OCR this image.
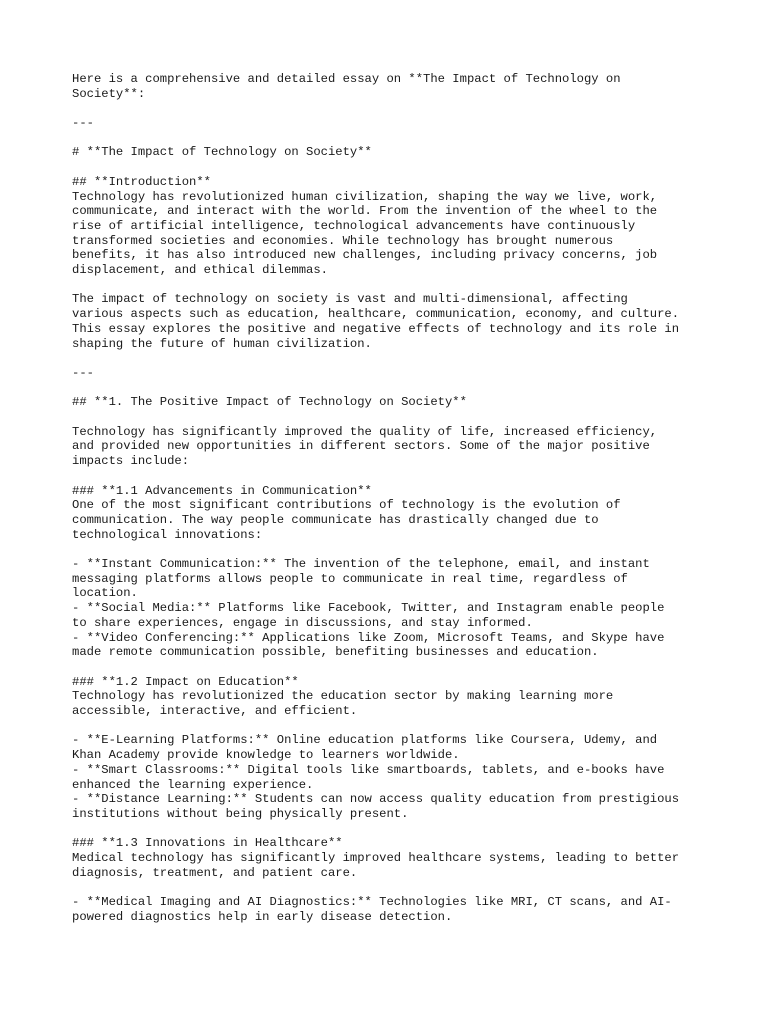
Here is a comprehensive and detailed essay on **The Impact of Technology on

Society**:

---

# **The Impact of Technology on Society**

## **Introduction**

Technology has revolutionized human civilization, shaping the way we live, work,

communicate, and interact with the world. From the invention of the wheel to the

rise of artificial intelligence, technological advancements have continuously

transformed societies and economies. While technology has brought numerous

benefits, it has also introduced new challenges, including privacy concerns, job

displacement, and ethical dilemmas.

The impact of technology on society is vast and multi-dimensional, affecting

various aspects such as education, healthcare, communication, economy, and culture.

This essay explores the positive and negative effects of technology and its role in

shaping the future of human civilization.

---

## **1. The Positive Impact of Technology on Society**

Technology has significantly improved the quality of life, increased efficiency,

and provided new opportunities in different sectors. Some of the major positive

impacts include:

### **1.1 Advancements in Communication**

One of the most significant contributions of technology is the evolution of

communication. The way people communicate has drastically changed due to

technological innovations:

- **Instant Communication:** The invention of the telephone, email, and instant

messaging platforms allows people to communicate in real time, regardless of

location.

- **Social Media:** Platforms like Facebook, Twitter, and Instagram enable people

to share experiences, engage in discussions, and stay informed.

- **Video Conferencing:** Applications like Zoom, Microsoft Teams, and Skype have

made remote communication possible, benefiting businesses and education.

### **1.2 Impact on Education**

Technology has revolutionized the education sector by making learning more

accessible, interactive, and efficient.

- **E-Learning Platforms:** Online education platforms like Coursera, Udemy, and

Khan Academy provide knowledge to learners worldwide.

- **Smart Classrooms:** Digital tools like smartboards, tablets, and e-books have

enhanced the learning experience.

- **Distance Learning:** Students can now access quality education from prestigious

institutions without being physically present.

### **1.3 Innovations in Healthcare**

Medical technology has significantly improved healthcare systems, leading to better

diagnosis, treatment, and patient care.

- **Medical Imaging and AI Diagnostics:** Technologies like MRI, CT scans, and AI-

powered diagnostics help in early disease detection.
